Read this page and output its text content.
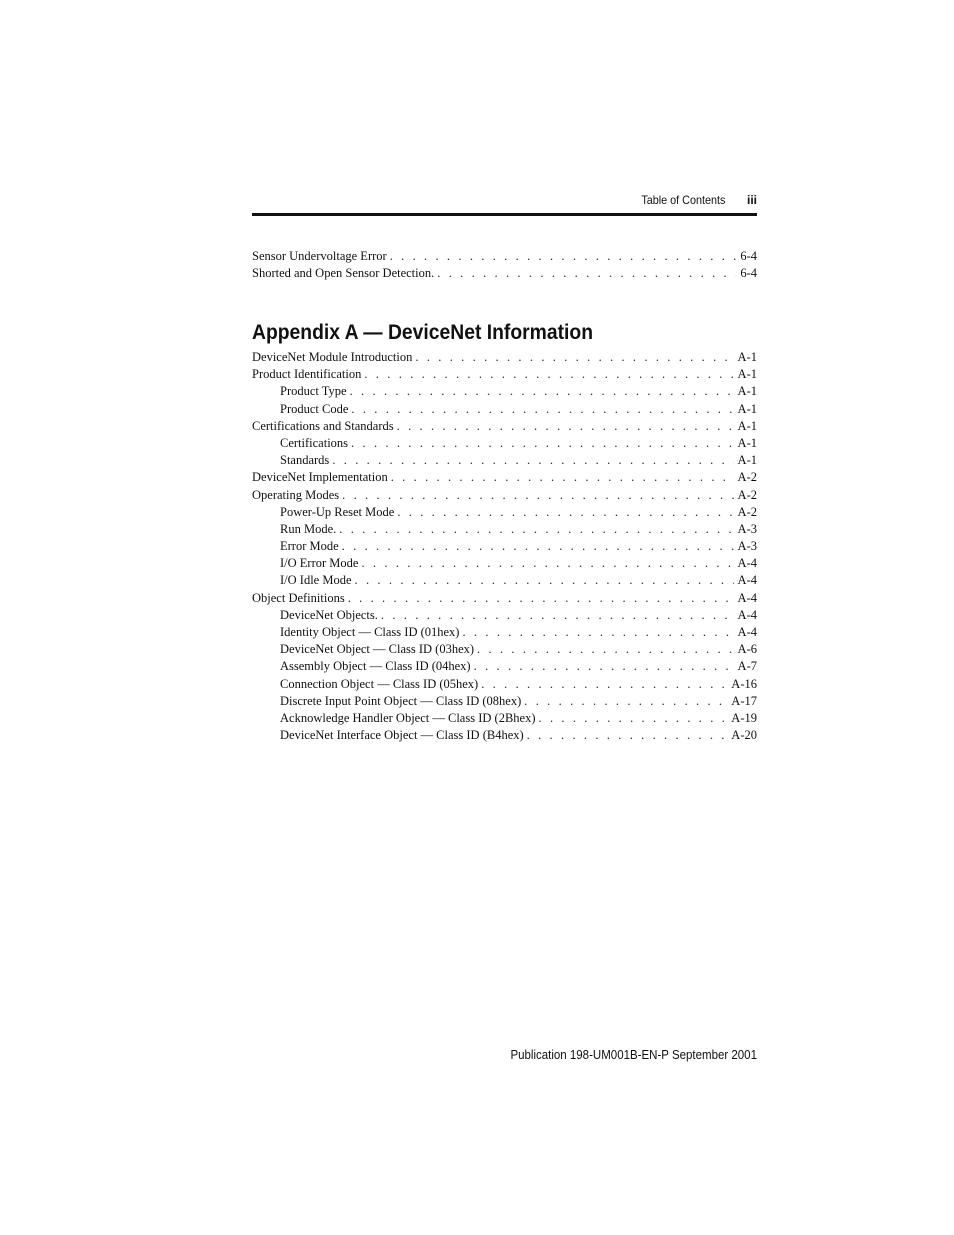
Table of Contents iii
Sensor Undervoltage Error . . .	6-4
Shorted and Open Sensor Detection. . . .	6-4
Appendix A — DeviceNet Information
DeviceNet Module Introduction . . .	A-1
Product Identification . . .	A-1
Product Type . . .	A-1
Product Code . . .	A-1
Certifications and Standards . . .	A-1
Certifications . . .	A-1
Standards . . .	A-1
DeviceNet Implementation . . .	A-2
Operating Modes . . .	A-2
Power-Up Reset Mode . . .	A-2
Run Mode. . . .	A-3
Error Mode . . .	A-3
I/O Error Mode . . .	A-4
I/O Idle Mode . . .	A-4
Object Definitions . . .	A-4
DeviceNet Objects. . . .	A-4
Identity Object — Class ID (01hex) . . .	A-4
DeviceNet Object — Class ID (03hex) . . .	A-6
Assembly Object — Class ID (04hex) . . .	A-7
Connection Object — Class ID (05hex) . . .	A-16
Discrete Input Point Object — Class ID (08hex) . . .	A-17
Acknowledge Handler Object — Class ID (2Bhex) . . .	A-19
DeviceNet Interface Object — Class ID (B4hex) . . .	A-20
Publication 198-UM001B-EN-P September 2001
